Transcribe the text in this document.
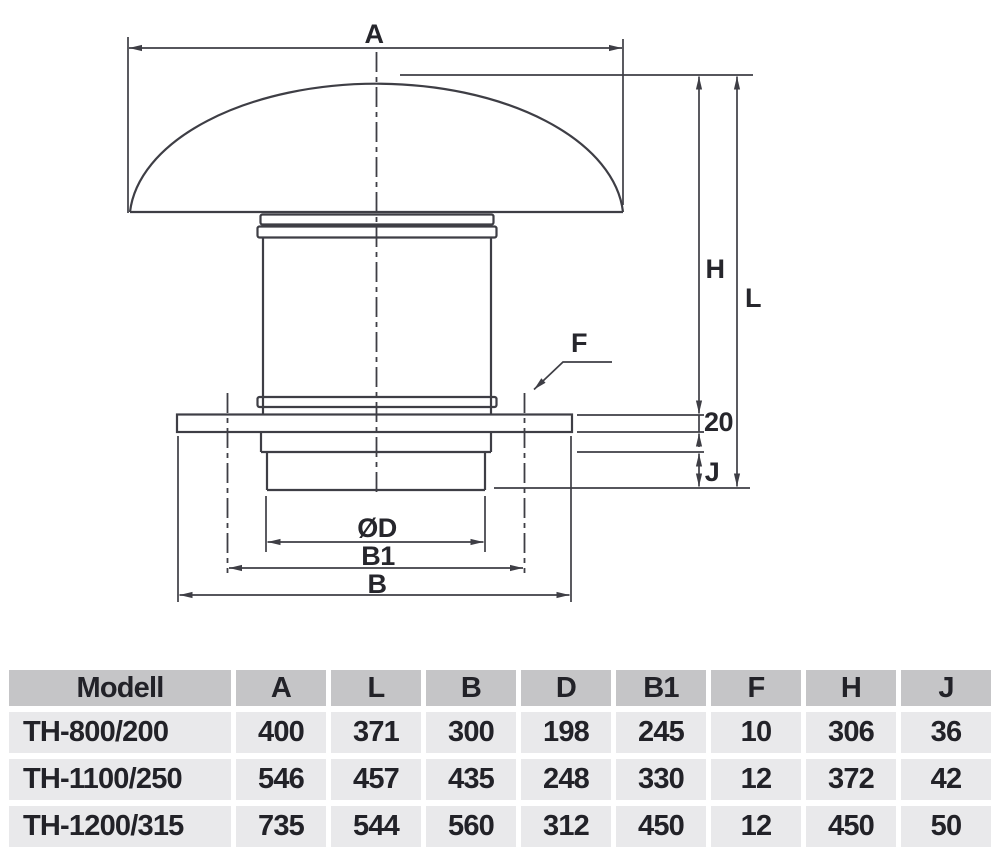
A
H
L
20
J
F
ØD
B1
B
Modell	A	L	B	D	B1	F	H	J
TH-800/200	400	371	300	198	245	10	306	36
TH-1100/250	546	457	435	248	330	12	372	42
TH-1200/315	735	544	560	312	450	12	450	50
